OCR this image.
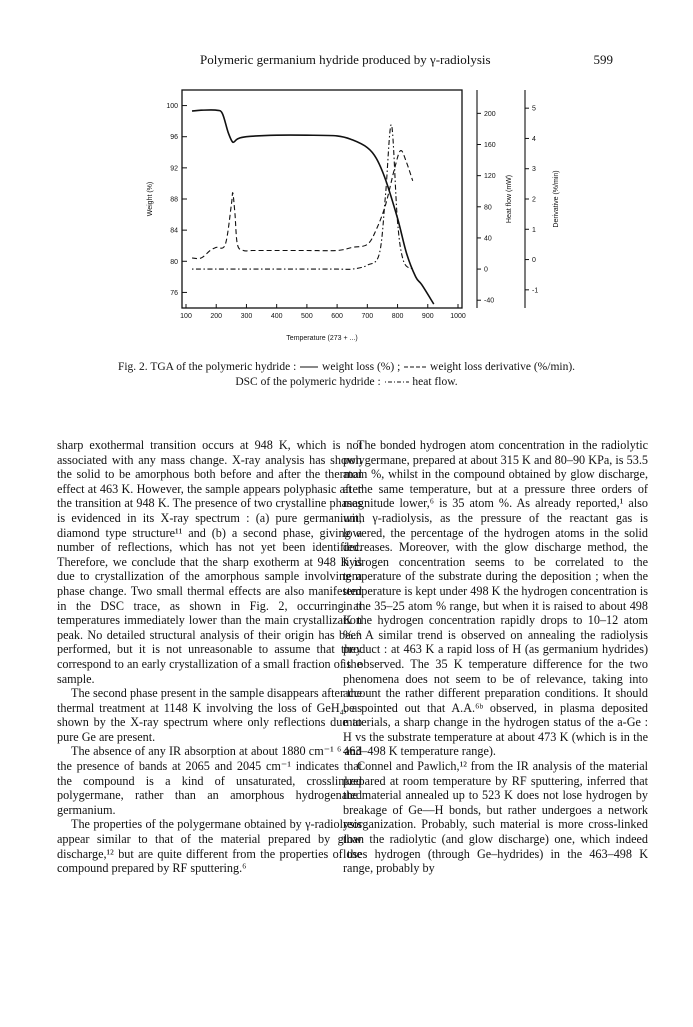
Polymeric germanium hydride produced by γ-radiolysis	599
100	200	300	400	500	600	700	800	900 1000
100
96
92
88
84
80
76
200
160
120
80
40
0
-40
5
4
3
2
1
0
-1
Temperature (273 + ...)
Weight (%)	Heat flow (mW)	Derivative (%/min)
Fig. 2. TGA of the polymeric hydride : weight loss (%) ;	weight loss derivative (%/min).
DSC of the polymeric hydride :	heat flow.

sharp exothermal transition occurs at 948 K, which is not associated with any mass change. X-ray analysis has shown the solid to be amorphous both before and after the thermal effect at 463 K. However, the sample appears polyphasic after the transition at 948 K. The presence of two crystalline phases is evidenced in its X-ray spectrum : (a) pure germanium, diamond type structure¹¹ and (b) a second phase, giving a number of reflections, which has not yet been identified. Therefore, we conclude that the sharp exotherm at 948 K is due to crystallization of the amorphous sample involving a phase change. Two small thermal effects are also manifested in the DSC trace, as shown in Fig. 2, occurring at temperatures immediately lower than the main crystallization peak. No detailed structural analysis of their origin has been performed, but it is not unreasonable to assume that they correspond to an early crystallization of a small fraction of the sample.

The second phase present in the sample disappears after the thermal treatment at 1148 K involving the loss of GeH₄, as shown by the X-ray spectrum where only reflections due to pure Ge are present.

The absence of any IR absorption at about 1880 cm⁻¹ ⁶ and the presence of bands at 2065 and 2045 cm⁻¹ indicates that the compound is a kind of unsaturated, crosslinked polygermane, rather than an amorphous hydrogenated germanium.

The properties of the polygermane obtained by γ-radiolysis appear similar to that of the material prepared by glow discharge,¹² but are quite different from the properties of the compound prepared by RF sputtering.⁶

The bonded hydrogen atom concentration in the radiolytic polygermane, prepared at about 315 K and 80–90 KPa, is 53.5 atom %, whilst in the compound obtained by glow discharge, at the same temperature, but at a pressure three orders of magnitude lower,⁶ is 35 atom %. As already reported,¹ also with γ-radiolysis, as the pressure of the reactant gas is lowered, the percentage of the hydrogen atoms in the solid decreases. Moreover, with the glow discharge method, the hydrogen concentration seems to be correlated to the temperature of the substrate during the deposition ; when the temperature is kept under 498 K the hydrogen concentration is in the 35–25 atom % range, but when it is raised to about 498 K the hydrogen concentration rapidly drops to 10–12 atom %.⁶ A similar trend is observed on annealing the radiolysis product : at 463 K a rapid loss of H (as germanium hydrides) is observed. The 35 K temperature difference for the two phenomena does not seem to be of relevance, taking into account the rather different preparation conditions. It should be pointed out that A.A.⁶ᵇ observed, in plasma deposited materials, a sharp change in the hydrogen status of the a-Ge : H vs the substrate temperature at about 473 K (which is in the 463–498 K temperature range).

Connel and Pawlich,¹² from the IR analysis of the material prepared at room temperature by RF sputtering, inferred that the material annealed up to 523 K does not lose hydrogen by breakage of Ge—H bonds, but rather undergoes a network reorganization. Probably, such material is more cross-linked than the radiolytic (and glow discharge) one, which indeed loses hydrogen (through Ge–hydrides) in the 463–498 K range, probably by
